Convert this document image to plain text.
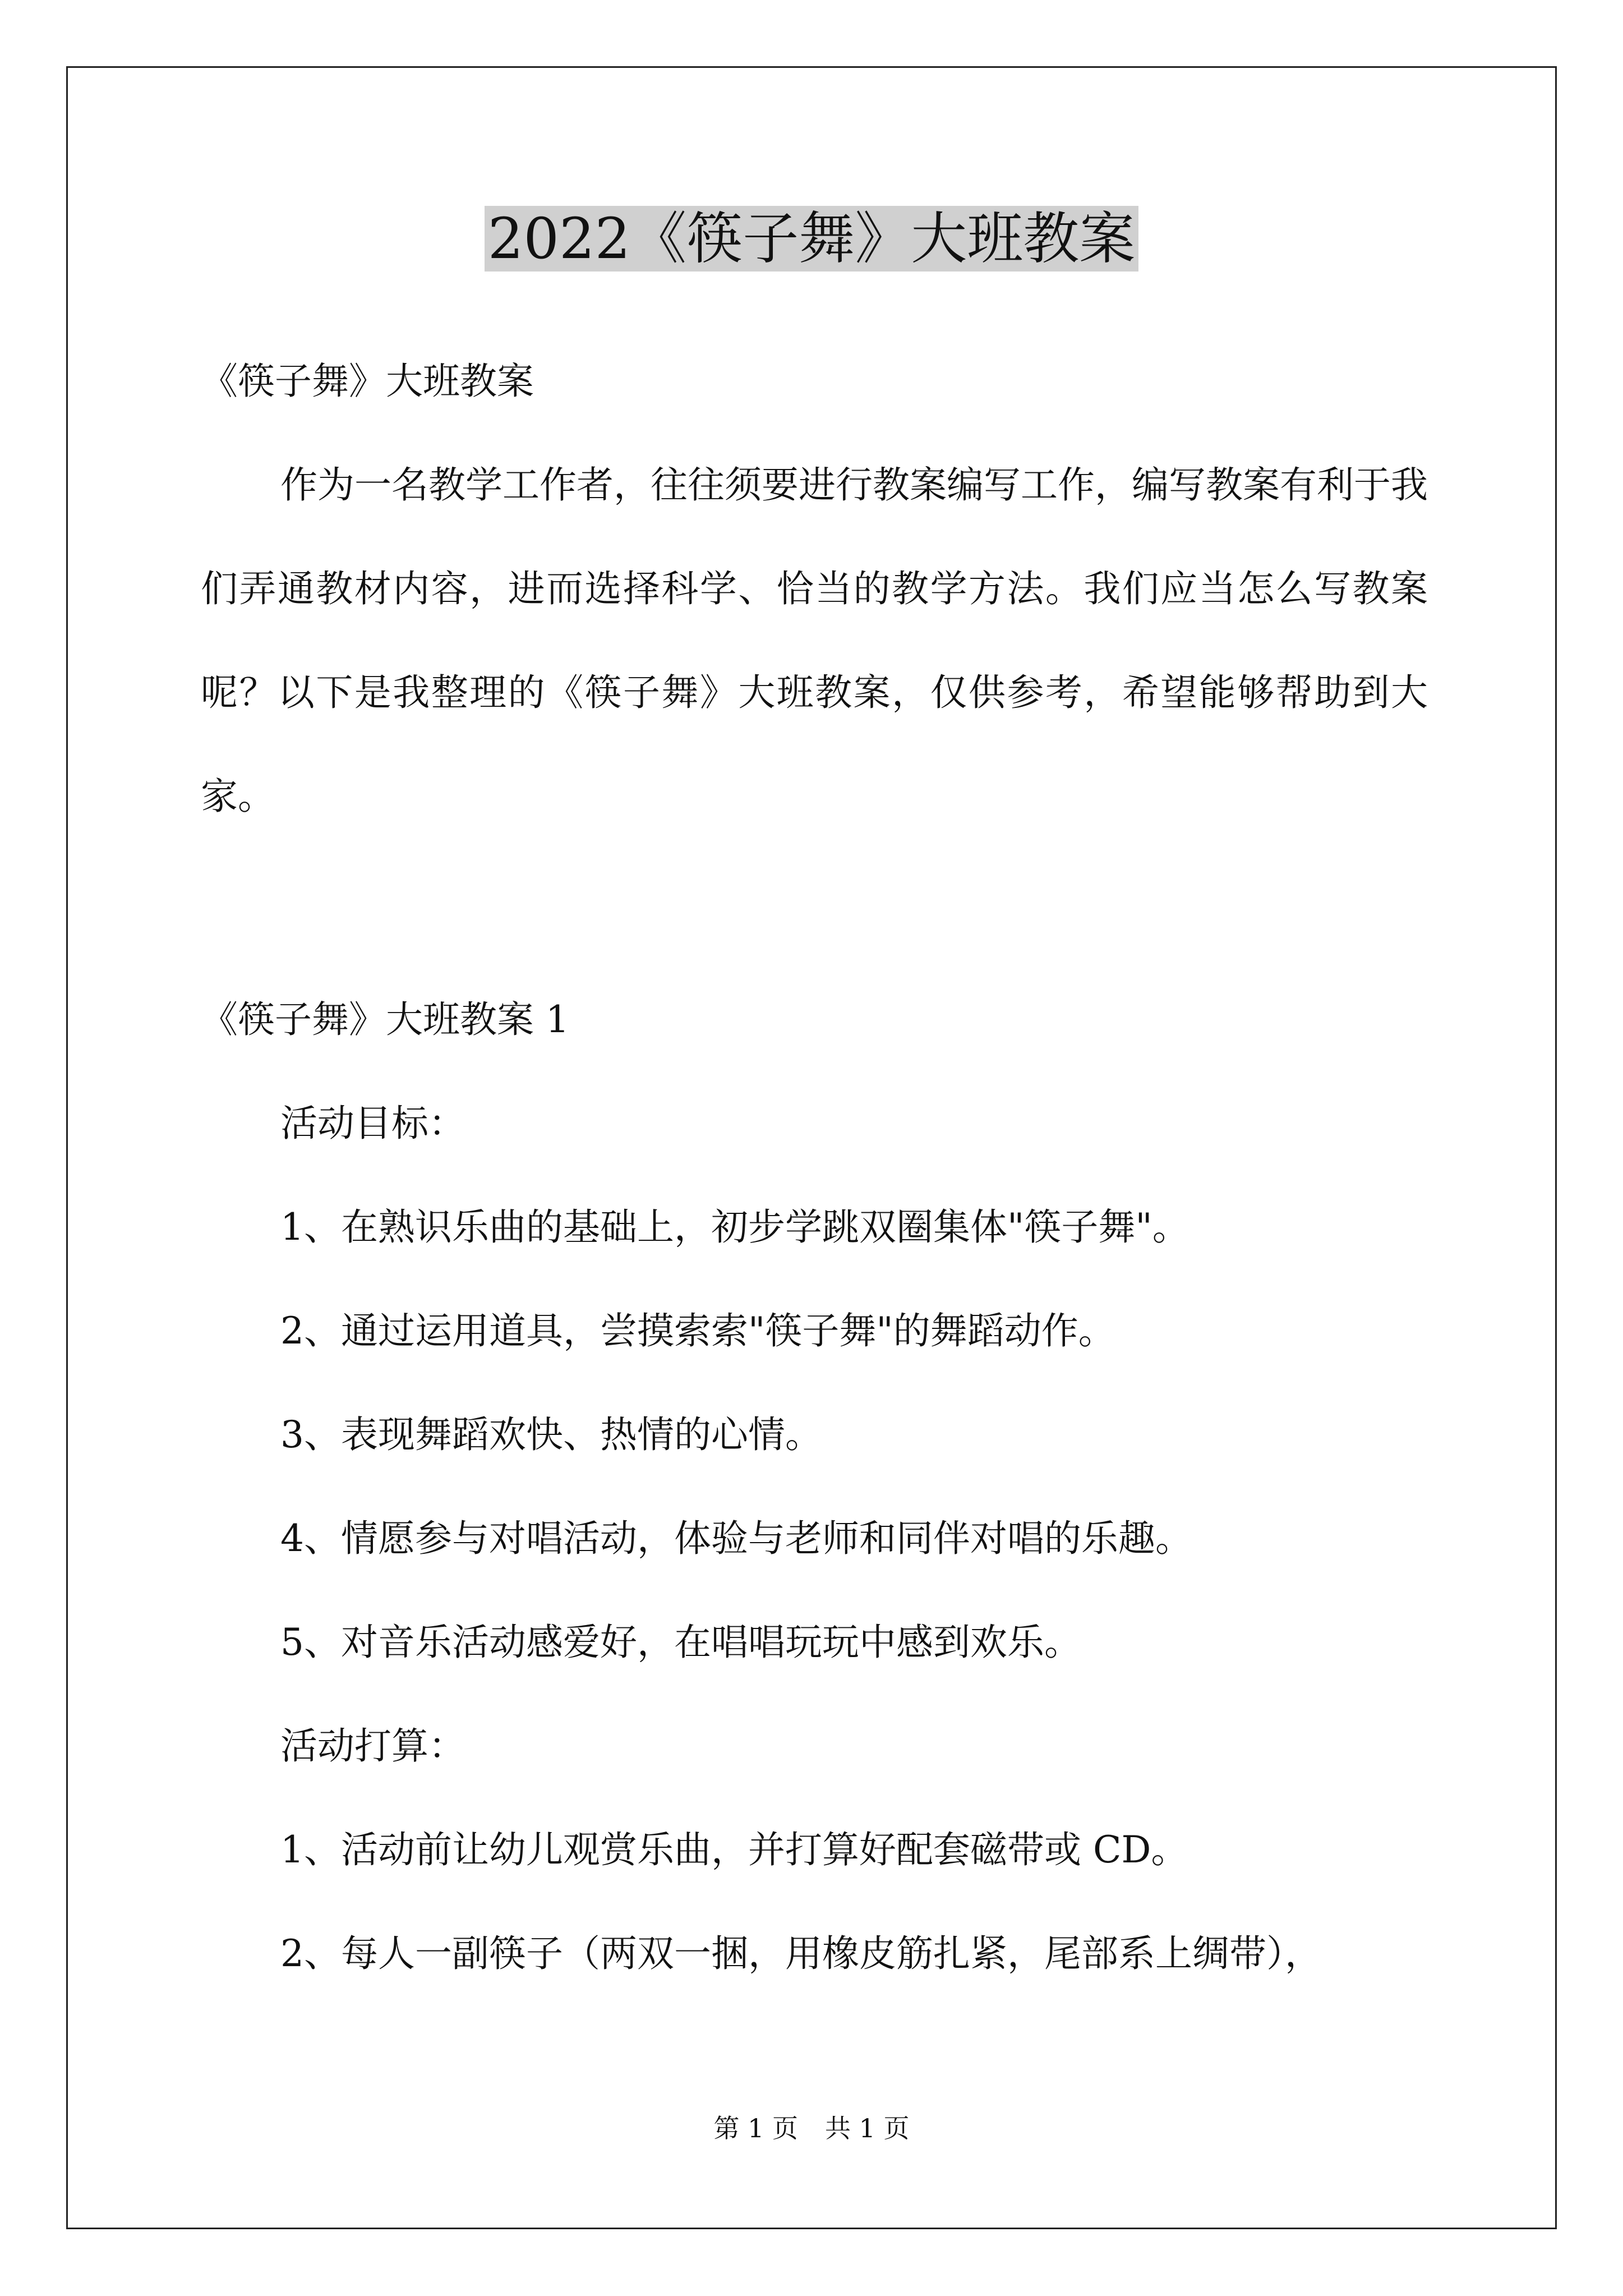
2022《筷子舞》大班教案
《筷子舞》大班教案
作为一名教学工作者，往往须要进行教案编写工作，编写教案有利于我们弄通教材内容，进而选择科学、恰当的教学方法。我们应当怎么写教案呢？以下是我整理的《筷子舞》大班教案，仅供参考，希望能够帮助到大家。
《筷子舞》大班教案 1
活动目标：
1、在熟识乐曲的基础上，初步学跳双圈集体"筷子舞"。
2、通过运用道具，尝摸索索"筷子舞"的舞蹈动作。
3、表现舞蹈欢快、热情的心情。
4、情愿参与对唱活动，体验与老师和同伴对唱的乐趣。
5、对音乐活动感爱好，在唱唱玩玩中感到欢乐。
活动打算：
1、活动前让幼儿观赏乐曲，并打算好配套磁带或 CD。
2、每人一副筷子（两双一捆，用橡皮筋扎紧，尾部系上绸带），
第 1 页 共 1 页
